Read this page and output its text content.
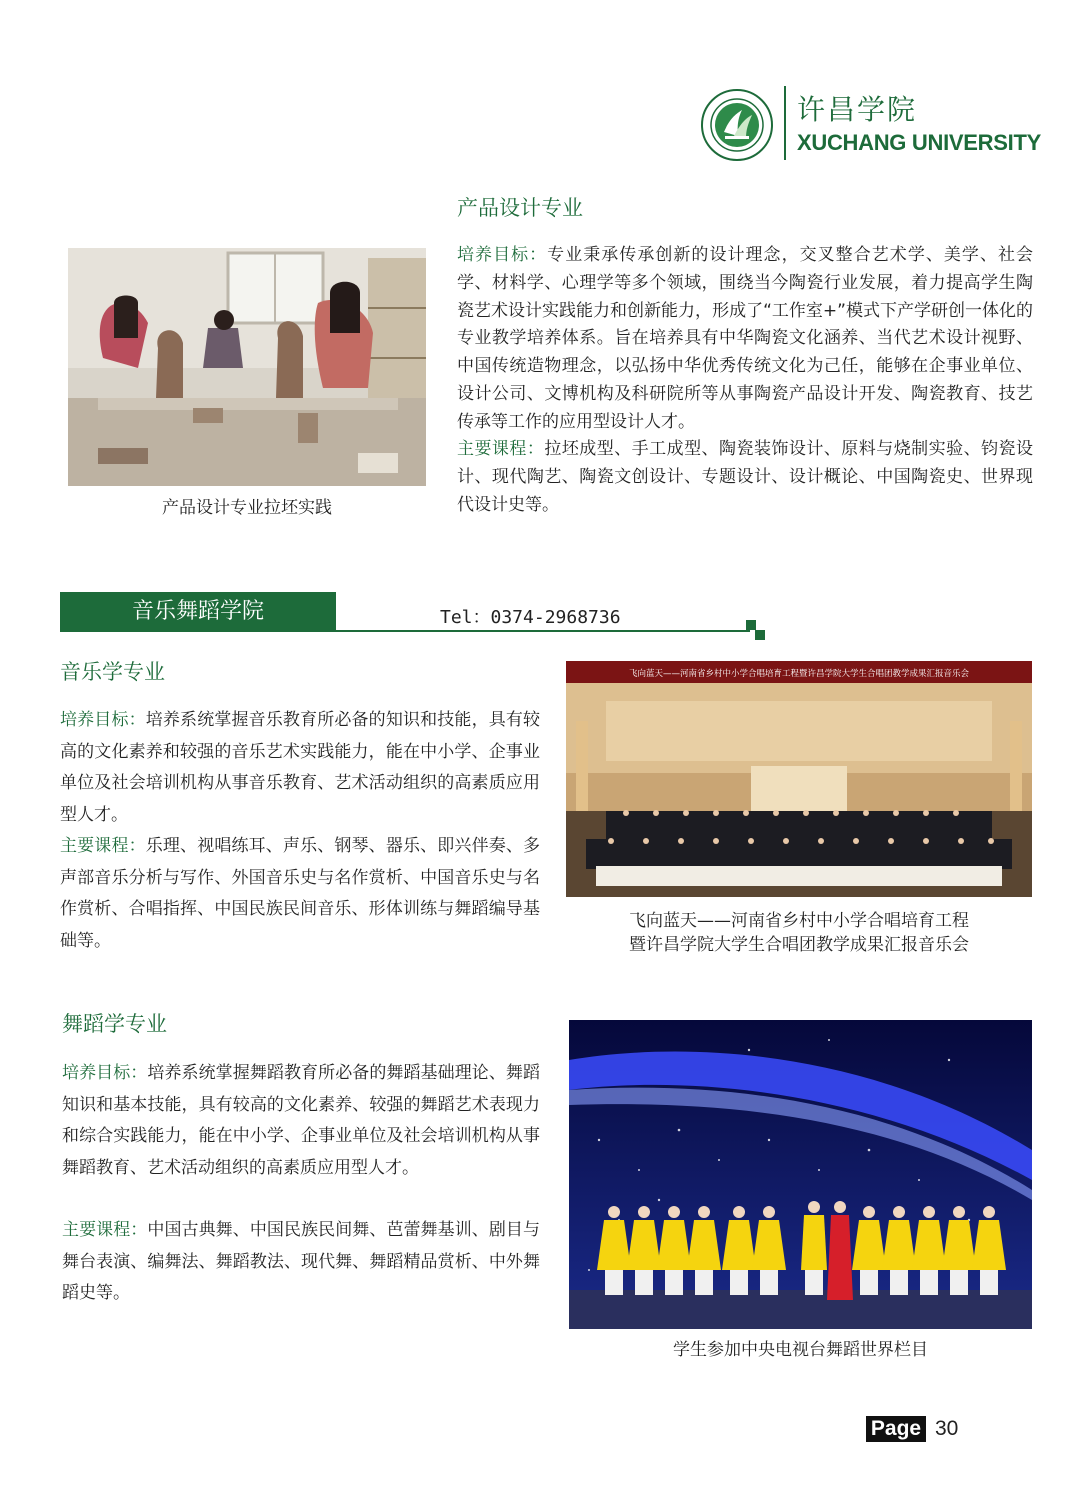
许昌学院
XUCHANG UNIVERSITY
产品设计专业
产品设计专业拉坯实践
培养目标：专业秉承传承创新的设计理念，交叉整合艺术学、美学、社会学、材料学、心理学等多个领域，围绕当今陶瓷行业发展，着力提高学生陶瓷艺术设计实践能力和创新能力，形成了“工作室+”模式下产学研创一体化的专业教学培养体系。旨在培养具有中华陶瓷文化涵养、当代艺术设计视野、中国传统造物理念，以弘扬中华优秀传统文化为己任，能够在企事业单位、设计公司、文博机构及科研院所等从事陶瓷产品设计开发、陶瓷教育、技艺传承等工作的应用型设计人才。
主要课程：拉坯成型、手工成型、陶瓷装饰设计、原料与烧制实验、钧瓷设计、现代陶艺、陶瓷文创设计、专题设计、设计概论、中国陶瓷史、世界现代设计史等。
音乐舞蹈学院	Tel：0374-2968736
音乐学专业
培养目标：培养系统掌握音乐教育所必备的知识和技能，具有较高的文化素养和较强的音乐艺术实践能力，能在中小学、企事业单位及社会培训机构从事音乐教育、艺术活动组织的高素质应用型人才。
主要课程：乐理、视唱练耳、声乐、钢琴、器乐、即兴伴奏、多声部音乐分析与写作、外国音乐史与名作赏析、中国音乐史与名作赏析、合唱指挥、中国民族民间音乐、形体训练与舞蹈编导基础等。
飞向蓝天——河南省乡村中小学合唱培育工程暨许昌学院大学生合唱团教学成果汇报音乐会
飞向蓝天——河南省乡村中小学合唱培育工程
暨许昌学院大学生合唱团教学成果汇报音乐会
舞蹈学专业
培养目标：培养系统掌握舞蹈教育所必备的舞蹈基础理论、舞蹈知识和基本技能，具有较高的文化素养、较强的舞蹈艺术表现力和综合实践能力，能在中小学、企事业单位及社会培训机构从事舞蹈教育、艺术活动组织的高素质应用型人才。
主要课程：中国古典舞、中国民族民间舞、芭蕾舞基训、剧目与舞台表演、编舞法、舞蹈教法、现代舞、舞蹈精品赏析、中外舞蹈史等。
学生参加中央电视台舞蹈世界栏目
Page 30
